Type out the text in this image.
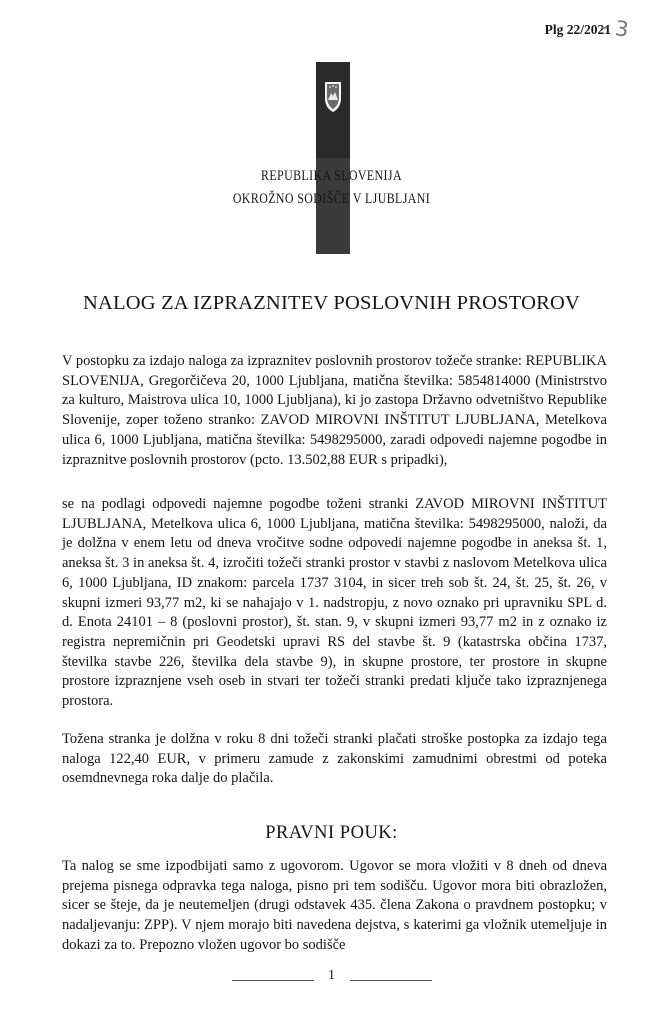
Plg 22/2021
- 3
REPUBLIKA SLOVENIJA
OKROŽNO SODIŠČE V LJUBLJANI
NALOG ZA IZPRAZNITEV POSLOVNIH PROSTOROV

V postopku za izdajo naloga za izpraznitev poslovnih prostorov tožeče stranke: REPUBLIKA SLOVENIJA, Gregorčičeva 20, 1000 Ljubljana, matična številka: 5854814000 (Ministrstvo za kulturo, Maistrova ulica 10, 1000 Ljubljana), ki jo zastopa Državno odvetništvo Republike Slovenije, zoper toženo stranko: ZAVOD MIROVNI INŠTITUT LJUBLJANA, Metelkova ulica 6, 1000 Ljubljana, matična številka: 5498295000, zaradi odpovedi najemne pogodbe in izpraznitve poslovnih prostorov (pcto. 13.502,88 EUR s pripadki),

se na podlagi odpovedi najemne pogodbe toženi stranki ZAVOD MIROVNI INŠTITUT LJUBLJANA, Metelkova ulica 6, 1000 Ljubljana, matična številka: 5498295000, naloži, da je dolžna v enem letu od dneva vročitve sodne odpovedi najemne pogodbe in aneksa št. 1, aneksa št. 3 in aneksa št. 4, izročiti tožeči stranki prostor v stavbi z naslovom Metelkova ulica 6, 1000 Ljubljana, ID znakom: parcela 1737 3104, in sicer treh sob št. 24, št. 25, št. 26, v skupni izmeri 93,77 m2, ki se nahajajo v 1. nadstropju, z novo oznako pri upravniku SPL d. d. Enota 24101 – 8 (poslovni prostor), št. stan. 9, v skupni izmeri 93,77 m2 in z oznako iz registra nepremičnin pri Geodetski upravi RS del stavbe št. 9 (katastrska občina 1737, številka stavbe 226, številka dela stavbe 9), in skupne prostore, ter prostore in skupne prostore izpraznjene vseh oseb in stvari ter tožeči stranki predati ključe tako izpraznjenega prostora.

Tožena stranka je dolžna v roku 8 dni tožeči stranki plačati stroške postopka za izdajo tega naloga 122,40 EUR, v primeru zamude z zakonskimi zamudnimi obrestmi od poteka osemdnevnega roka dalje do plačila.

PRAVNI POUK:

Ta nalog se sme izpodbijati samo z ugovorom. Ugovor se mora vložiti v 8 dneh od dneva prejema pisnega odpravka tega naloga, pisno pri tem sodišču. Ugovor mora biti obrazložen, sicer se šteje, da je neutemeljen (drugi odstavek 435. člena Zakona o pravdnem postopku; v nadaljevanju: ZPP). V njem morajo biti navedena dejstva, s katerimi ga vložnik utemeljuje in dokazi za to. Prepozno vložen ugovor bo sodišče

1
